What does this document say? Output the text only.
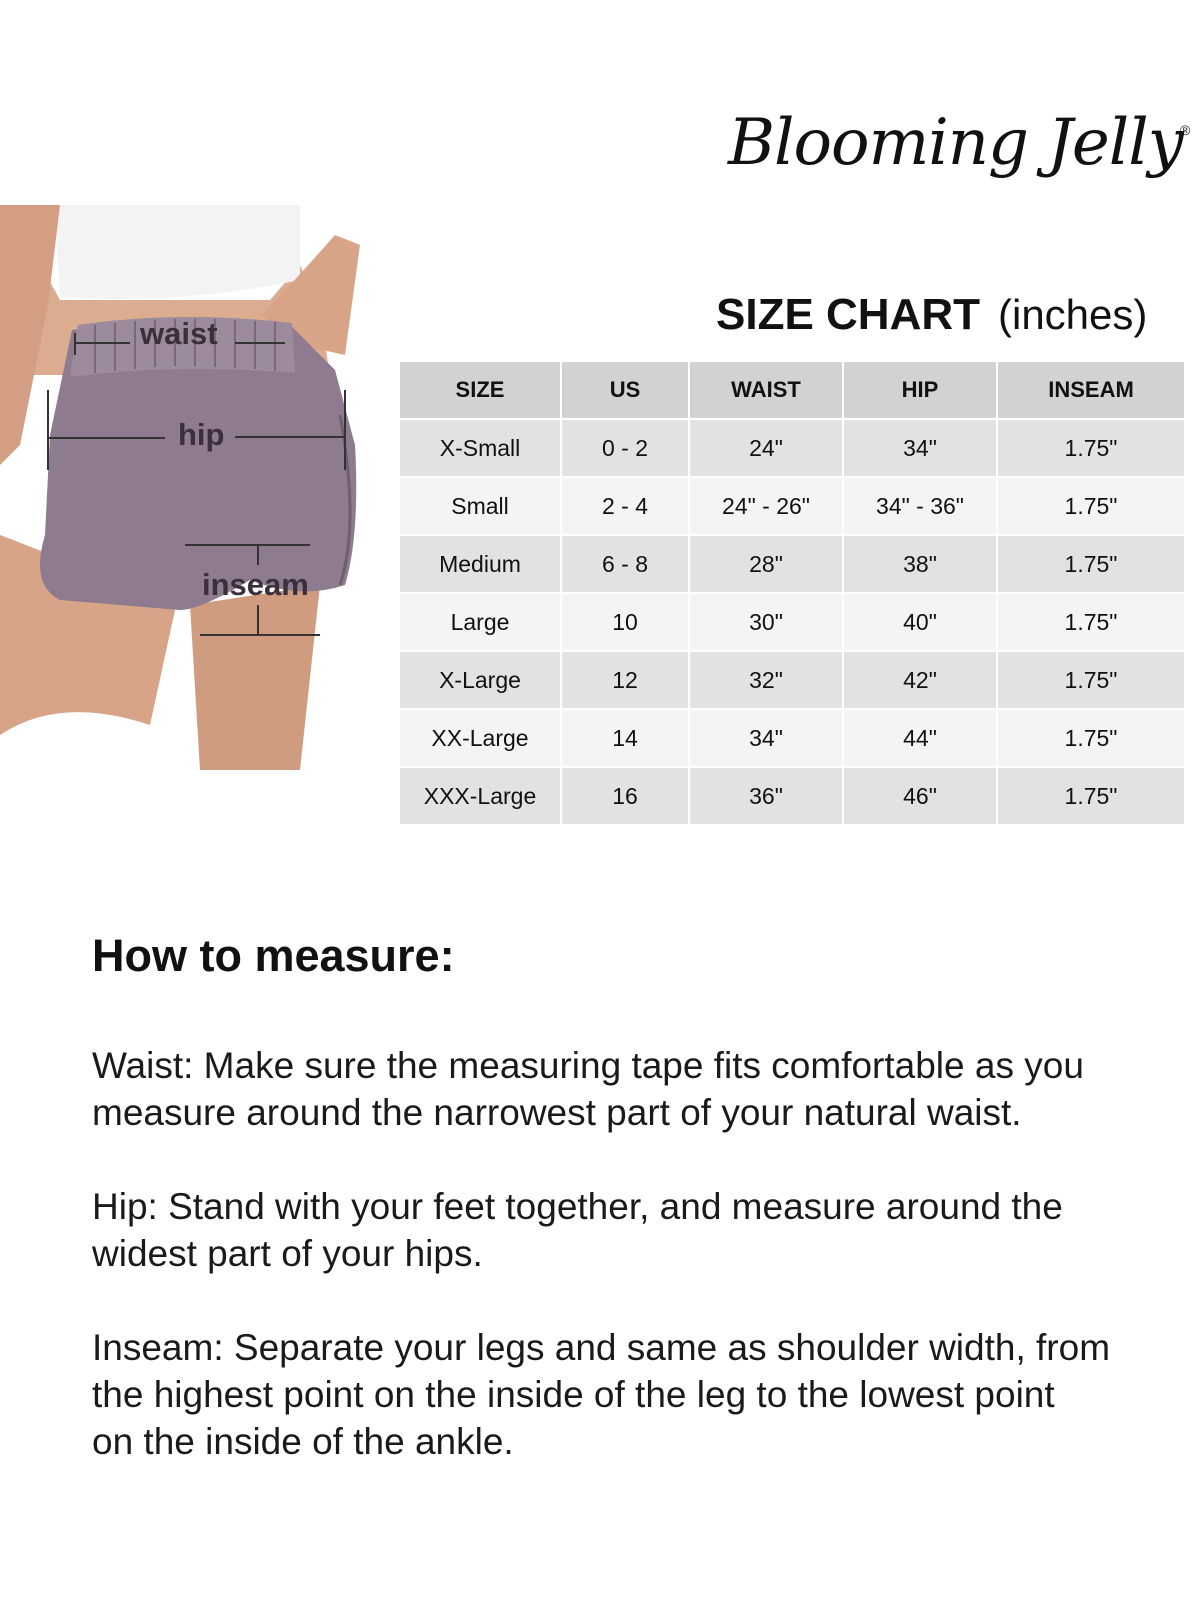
Blooming Jelly
®
SIZE CHART (inches)
waist
hip
inseam
SIZE	US	WAIST	HIP	INSEAM
X-Small	0 - 2	24"	34"	1.75"
Small	2 - 4	24" - 26"	34" - 36"	1.75"
Medium	6 - 8	28"	38"	1.75"
Large	10	30"	40"	1.75"
X-Large	12	32"	42"	1.75"
XX-Large	14	34"	44"	1.75"
XXX-Large	16	36"	46"	1.75"
How to measure:
Waist: Make sure the measuring tape fits comfortable as you
measure around the narrowest part of your natural waist.
Hip: Stand with your feet together, and measure around the
widest part of your hips.
Inseam: Separate your legs and same as shoulder width, from
the highest point on the inside of the leg to the lowest point
on the inside of the ankle.
